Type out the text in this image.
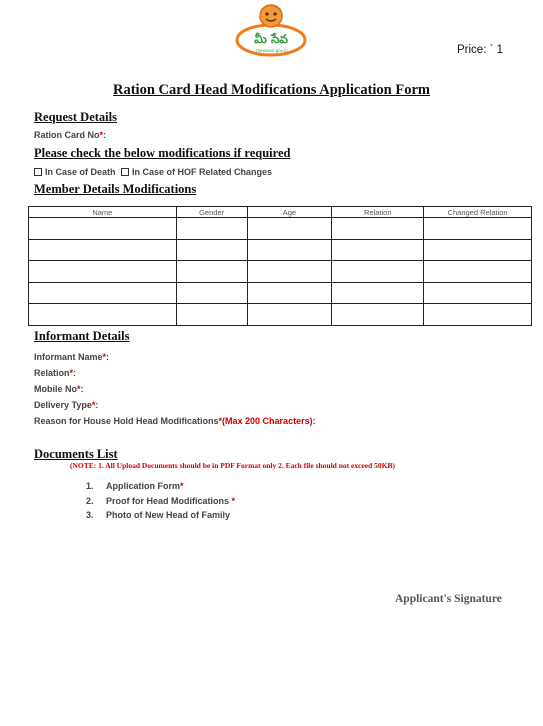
మీ సేవ
meeseva.gov.in	Price: ` 1
Ration Card Head Modifications Application Form
Request Details
Ration Card No*:
Please check the below modifications if required
In Case of Death In Case of HOF Related Changes
Member Details Modifications
Name	Gender	Age	Relation	Changed Relation

Informant Details
Informant Name*:
Relation*:
Mobile No*:
Delivery Type*:
Reason for House Hold Head Modifications*(Max 200 Characters):
Documents List
(NOTE: 1. All Upload Documents should be in PDF Format only 2. Each file should not exceed 50KB)
1. Application Form*
2. Proof for Head Modifications *
3. Photo of New Head of Family
Applicant's Signature
